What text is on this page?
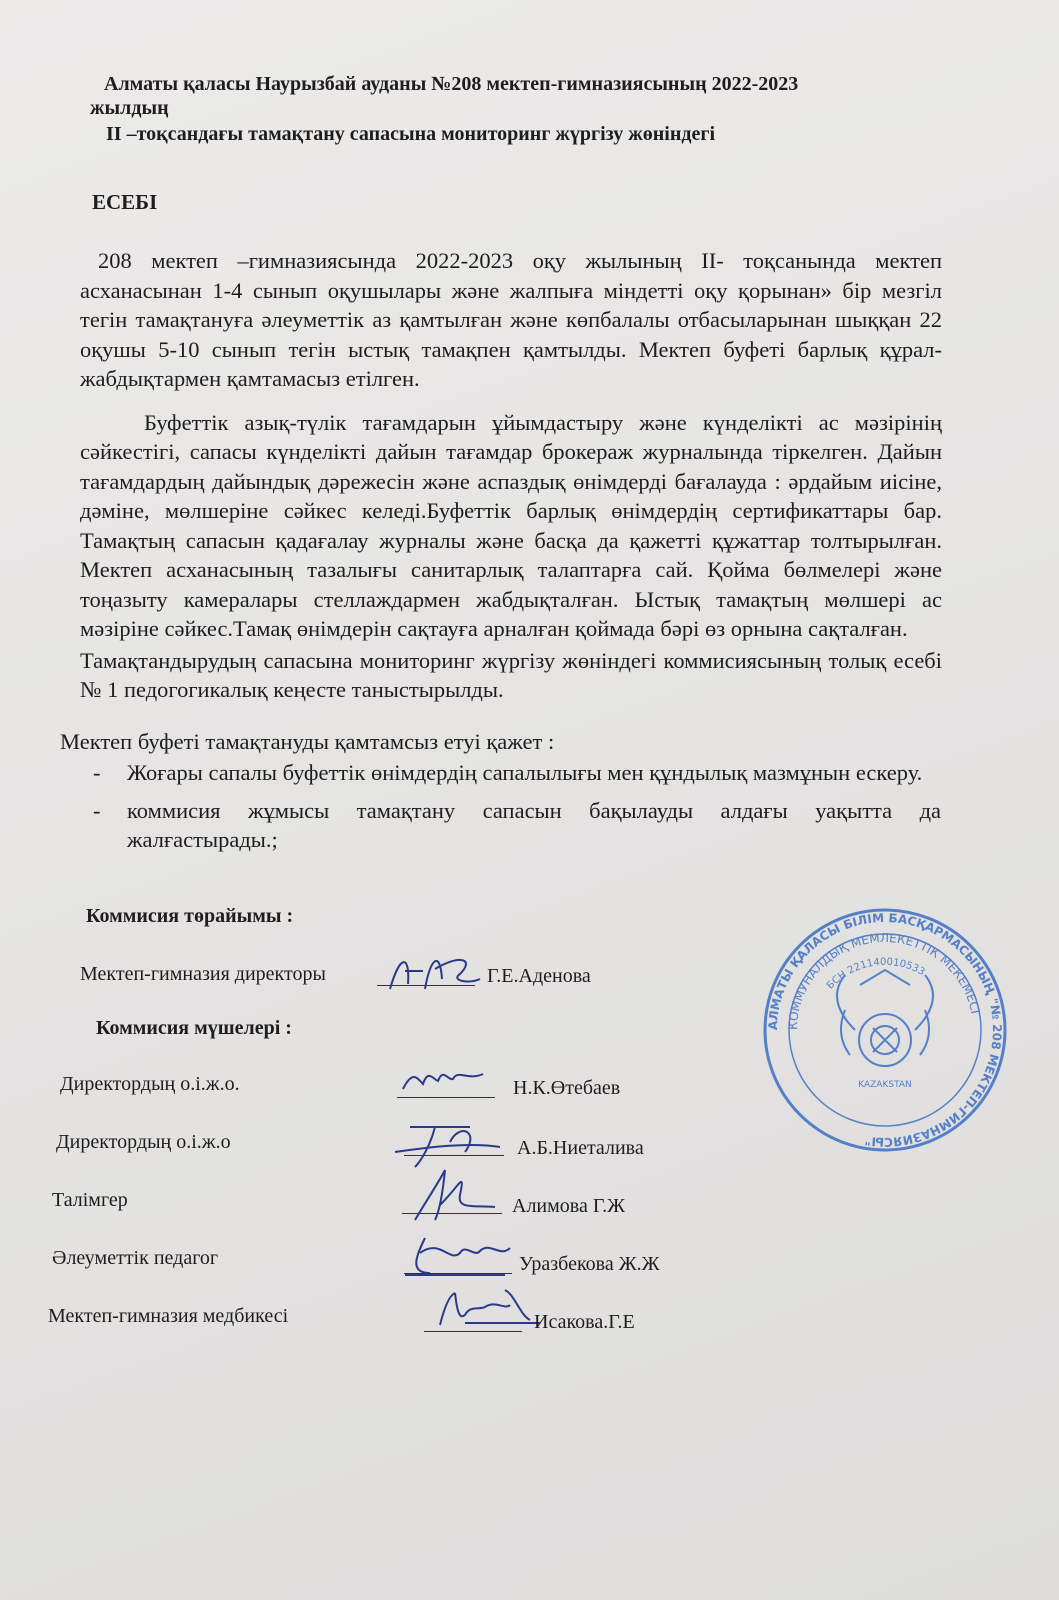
Алматы қаласы Наурызбай ауданы №208 мектеп-гимназиясының 2022-2023
жылдың
II –тоқсандағы тамақтану сапасына мониторинг жүргізу жөніндегі
ЕСЕБІ

208 мектеп –гимназиясында 2022-2023 оқу жылының II- тоқсанында мектеп асханасынан 1-4 сынып оқушылары және жалпыға міндетті оқу қорынан» бір мезгіл тегін тамақтануға әлеуметтік аз қамтылған және көпбалалы отбасыларынан шыққан 22 оқушы 5-10 сынып тегін ыстық тамақпен қамтылды. Мектеп буфеті барлық құрал-жабдықтармен қамтамасыз етілген.

Буфеттік азық-түлік тағамдарын ұйымдастыру және күнделікті ас мәзірінің сәйкестігі, сапасы күнделікті дайын тағамдар брокераж журналында тіркелген. Дайын тағамдардың дайындық дәрежесін және аспаздық өнімдерді бағалауда : әрдайым иісіне, дәміне, мөлшеріне сәйкес келеді.Буфеттік барлық өнімдердің сертификаттары бар. Тамақтың сапасын қадағалау журналы және басқа да қажетті құжаттар толтырылған. Мектеп асханасының тазалығы санитарлық талаптарға сай. Қойма бөлмелері және тоңазыту камералары стеллаждармен жабдықталған. Ыстық тамақтың мөлшері ас мәзіріне сәйкес.Тамақ өнімдерін сақтауға арналған қоймада бәрі өз орнына сақталған.

Тамақтандырудың сапасына мониторинг жүргізу жөніндегі коммисиясының толық есебі № 1 педогогикалық кеңесте таныстырылды.

Мектеп буфеті тамақтануды қамтамсыз етуі қажет :

- Жоғары сапалы буфеттік өнімдердің сапалылығы мен құндылық мазмұнын ескеру.
- коммисия жұмысы тамақтану сапасын бақылауды алдағы уақытта да жалғастырады.;
АЛМАТЫ ҚАЛАСЫ БІЛІМ БАСҚАРМАСЫНЫҢ "№ 208 МЕКТЕП-ГИМНАЗИЯСЫ"
КОММУНАЛДЫҚ МЕМЛЕКЕТТІК МЕКЕМЕСІ
БСН 221140010533
KAZAKSTAN
Коммисия төрайымы :
Мектеп-гимназия директоры	Г.Е.Аденова
Коммисия мүшелері :
Директордың о.і.ж.о.	Н.К.Өтебаев
Директордың о.і.ж.о	А.Б.Ниеталива
Талімгер	Алимова Г.Ж
Әлеуметтік педагог	Уразбекова Ж.Ж
Мектеп-гимназия медбикесі	Исакова.Г.Е
